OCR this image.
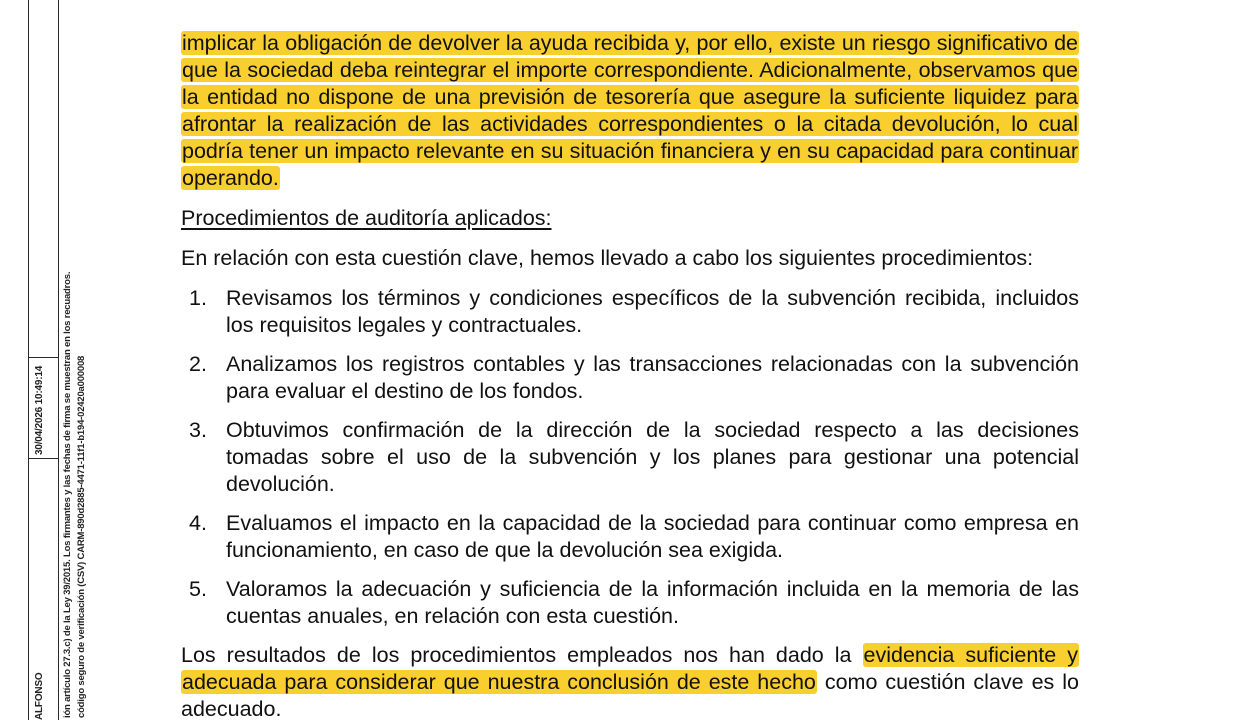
30/04/2026 10:49:14
ALFONSO ión artículo 27.3.c) de la Ley 39/2015. Los firmantes y las fechas de firma se muestran en los recuadros. código seguro de verificación (CSV) CARM-890d2885-4471-11f1-b194-02420a000008

implicar la obligación de devolver la ayuda recibida y, por ello, existe un riesgo significativo de que la sociedad deba reintegrar el importe correspondiente. Adicionalmente, observamos que la entidad no dispone de una previsión de tesorería que asegure la suficiente liquidez para afrontar la realización de las actividades correspondientes o la citada devolución, lo cual podría tener un impacto relevante en su situación financiera y en su capacidad para continuar operando.

Procedimientos de auditoría aplicados:

En relación con esta cuestión clave, hemos llevado a cabo los siguientes procedimientos:

1. Revisamos los términos y condiciones específicos de la subvención recibida, incluidos los requisitos legales y contractuales.
2. Analizamos los registros contables y las transacciones relacionadas con la subvención para evaluar el destino de los fondos.
3. Obtuvimos confirmación de la dirección de la sociedad respecto a las decisiones tomadas sobre el uso de la subvención y los planes para gestionar una potencial devolución.
4. Evaluamos el impacto en la capacidad de la sociedad para continuar como empresa en funcionamiento, en caso de que la devolución sea exigida.
5. Valoramos la adecuación y suficiencia de la información incluida en la memoria de las cuentas anuales, en relación con esta cuestión.

Los resultados de los procedimientos empleados nos han dado la evidencia suficiente y adecuada para considerar que nuestra conclusión de este hecho como cuestión clave es lo adecuado.
